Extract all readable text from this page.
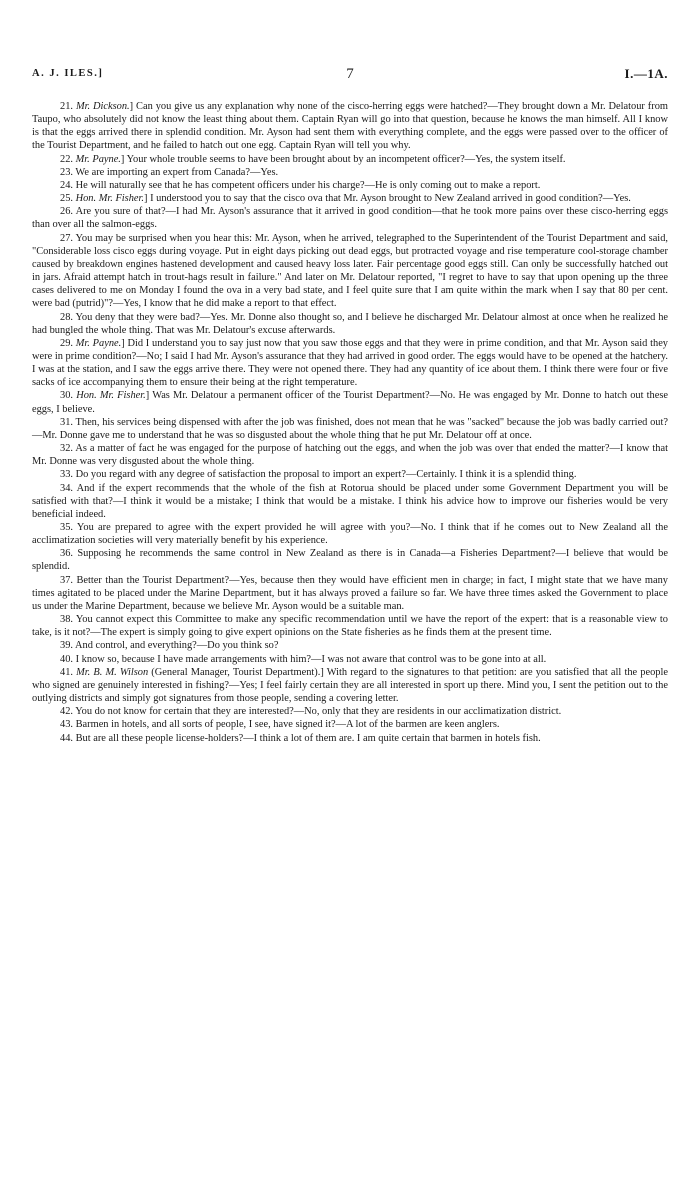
A. J. ILES.]	7	I.—1A.

21. Mr. Dickson.] Can you give us any explanation why none of the cisco-herring eggs were hatched?—They brought down a Mr. Delatour from Taupo, who absolutely did not know the least thing about them. Captain Ryan will go into that question, because he knows the man himself. All I know is that the eggs arrived there in splendid condition. Mr. Ayson had sent them with everything complete, and the eggs were passed over to the officer of the Tourist Department, and he failed to hatch out one egg. Captain Ryan will tell you why.

22. Mr. Payne.] Your whole trouble seems to have been brought about by an incompetent officer?—Yes, the system itself.

23. We are importing an expert from Canada?—Yes.

24. He will naturally see that he has competent officers under his charge?—He is only coming out to make a report.

25. Hon. Mr. Fisher.] I understood you to say that the cisco ova that Mr. Ayson brought to New Zealand arrived in good condition?—Yes.

26. Are you sure of that?—I had Mr. Ayson's assurance that it arrived in good condition—that he took more pains over these cisco-herring eggs than over all the salmon-eggs.

27. You may be surprised when you hear this: Mr. Ayson, when he arrived, telegraphed to the Superintendent of the Tourist Department and said, "Considerable loss cisco eggs during voyage. Put in eight days picking out dead eggs, but protracted voyage and rise temperature cool-storage chamber caused by breakdown engines hastened development and caused heavy loss later. Fair percentage good eggs still. Can only be successfully hatched out in jars. Afraid attempt hatch in trout-hags result in failure." And later on Mr. Delatour reported, "I regret to have to say that upon opening up the three cases delivered to me on Monday I found the ova in a very bad state, and I feel quite sure that I am quite within the mark when I say that 80 per cent. were bad (putrid)"?—Yes, I know that he did make a report to that effect.

28. You deny that they were bad?—Yes. Mr. Donne also thought so, and I believe he discharged Mr. Delatour almost at once when he realized he had bungled the whole thing. That was Mr. Delatour's excuse afterwards.

29. Mr. Payne.] Did I understand you to say just now that you saw those eggs and that they were in prime condition, and that Mr. Ayson said they were in prime condition?—No; I said I had Mr. Ayson's assurance that they had arrived in good order. The eggs would have to be opened at the hatchery. I was at the station, and I saw the eggs arrive there. They were not opened there. They had any quantity of ice about them. I think there were four or five sacks of ice accompanying them to ensure their being at the right temperature.

30. Hon. Mr. Fisher.] Was Mr. Delatour a permanent officer of the Tourist Department?—No. He was engaged by Mr. Donne to hatch out these eggs, I believe.

31. Then, his services being dispensed with after the job was finished, does not mean that he was "sacked" because the job was badly carried out?—Mr. Donne gave me to understand that he was so disgusted about the whole thing that he put Mr. Delatour off at once.

32. As a matter of fact he was engaged for the purpose of hatching out the eggs, and when the job was over that ended the matter?—I know that Mr. Donne was very disgusted about the whole thing.

33. Do you regard with any degree of satisfaction the proposal to import an expert?—Certainly. I think it is a splendid thing.

34. And if the expert recommends that the whole of the fish at Rotorua should be placed under some Government Department you will be satisfied with that?—I think it would be a mistake; I think that would be a mistake. I think his advice how to improve our fisheries would be very beneficial indeed.

35. You are prepared to agree with the expert provided he will agree with you?—No. I think that if he comes out to New Zealand all the acclimatization societies will very materially benefit by his experience.

36. Supposing he recommends the same control in New Zealand as there is in Canada—a Fisheries Department?—I believe that would be splendid.

37. Better than the Tourist Department?—Yes, because then they would have efficient men in charge; in fact, I might state that we have many times agitated to be placed under the Marine Department, but it has always proved a failure so far. We have three times asked the Government to place us under the Marine Department, because we believe Mr. Ayson would be a suitable man.

38. You cannot expect this Committee to make any specific recommendation until we have the report of the expert: that is a reasonable view to take, is it not?—The expert is simply going to give expert opinions on the State fisheries as he finds them at the present time.

39. And control, and everything?—Do you think so?

40. I know so, because I have made arrangements with him?—I was not aware that control was to be gone into at all.

41. Mr. B. M. Wilson (General Manager, Tourist Department).] With regard to the signatures to that petition: are you satisfied that all the people who signed are genuinely interested in fishing?—Yes; I feel fairly certain they are all interested in sport up there. Mind you, I sent the petition out to the outlying districts and simply got signatures from those people, sending a covering letter.

42. You do not know for certain that they are interested?—No, only that they are residents in our acclimatization district.

43. Barmen in hotels, and all sorts of people, I see, have signed it?—A lot of the barmen are keen anglers.

44. But are all these people license-holders?—I think a lot of them are. I am quite certain that barmen in hotels fish.
